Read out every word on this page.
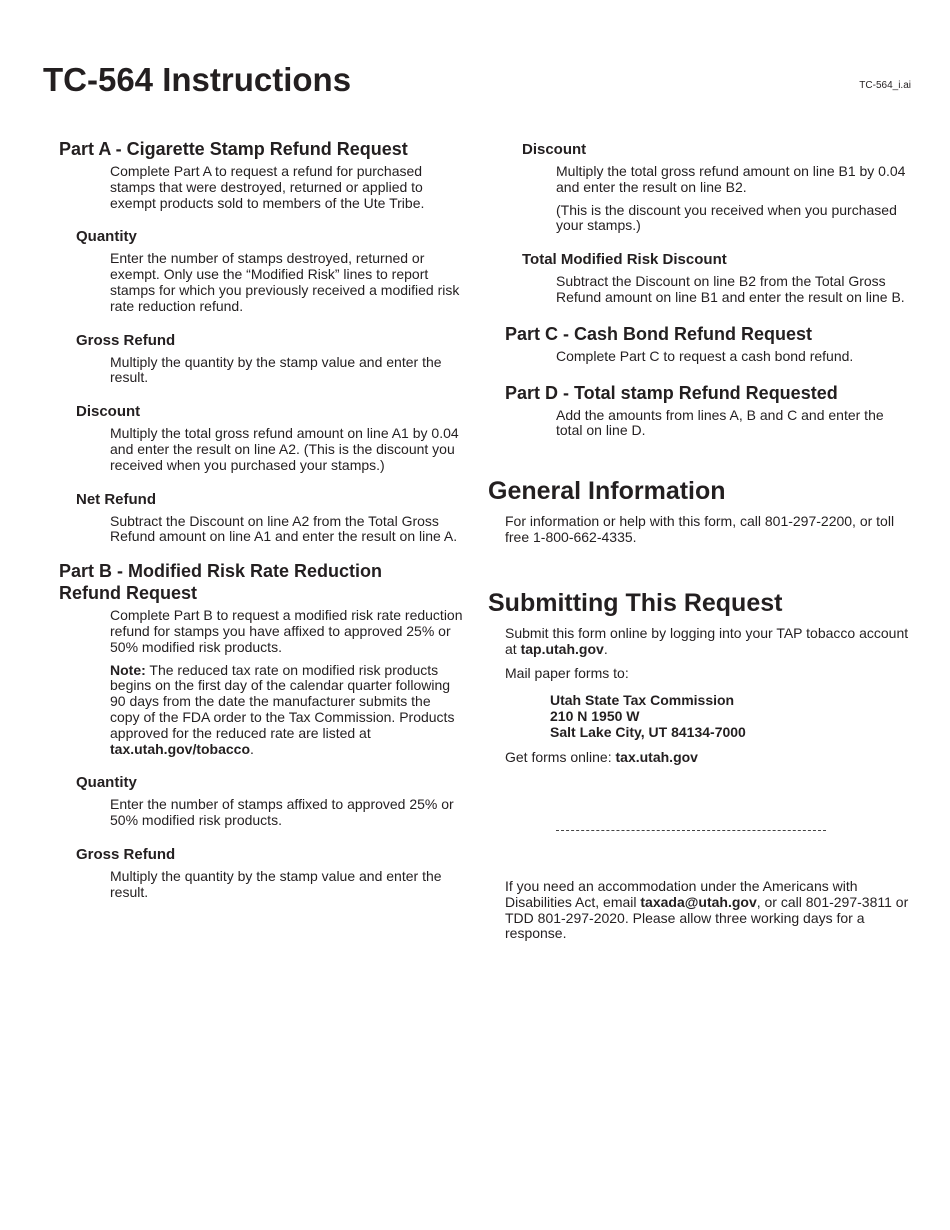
TC-564 Instructions	TC-564_i.ai
Part A - Cigarette Stamp Refund Request

Complete Part A to request a refund for purchased stamps that were destroyed, returned or applied to exempt products sold to members of the Ute Tribe.

Quantity

Enter the number of stamps destroyed, returned or exempt. Only use the “Modified Risk” lines to report stamps for which you previously received a modified risk rate reduction refund.

Gross Refund

Multiply the quantity by the stamp value and enter the result.

Discount

Multiply the total gross refund amount on line A1 by 0.04 and enter the result on line A2. (This is the discount you received when you purchased your stamps.)

Net Refund

Subtract the Discount on line A2 from the Total Gross Refund amount on line A1 and enter the result on line A.

Part B - Modified Risk Rate Reduction
Refund Request

Complete Part B to request a modified risk rate reduction refund for stamps you have affixed to approved 25% or 50% modified risk products.

Note: The reduced tax rate on modified risk products begins on the first day of the calendar quarter following 90 days from the date the manufacturer submits the copy of the FDA order to the Tax Commission. Products approved for the reduced rate are listed at tax.utah.gov/tobacco.

Quantity

Enter the number of stamps affixed to approved 25% or 50% modified risk products.

Gross Refund

Multiply the quantity by the stamp value and enter the result.

Discount

Multiply the total gross refund amount on line B1 by 0.04 and enter the result on line B2.

(This is the discount you received when you purchased your stamps.)

Total Modified Risk Discount

Subtract the Discount on line B2 from the Total Gross Refund amount on line B1 and enter the result on line B.

Part C - Cash Bond Refund Request

Complete Part C to request a cash bond refund.

Part D - Total stamp Refund Requested

Add the amounts from lines A, B and C and enter the total on line D.

General Information

For information or help with this form, call 801-297-2200, or toll free 1-800-662-4335.

Submitting This Request

Submit this form online by logging into your TAP tobacco account at tap.utah.gov.

Mail paper forms to:

Utah State Tax Commission
210 N 1950 W
Salt Lake City, UT 84134-7000

Get forms online: tax.utah.gov

If you need an accommodation under the Americans with Disabilities Act, email taxada@utah.gov, or call 801-297-3811 or TDD 801-297-2020. Please allow three working days for a response.
